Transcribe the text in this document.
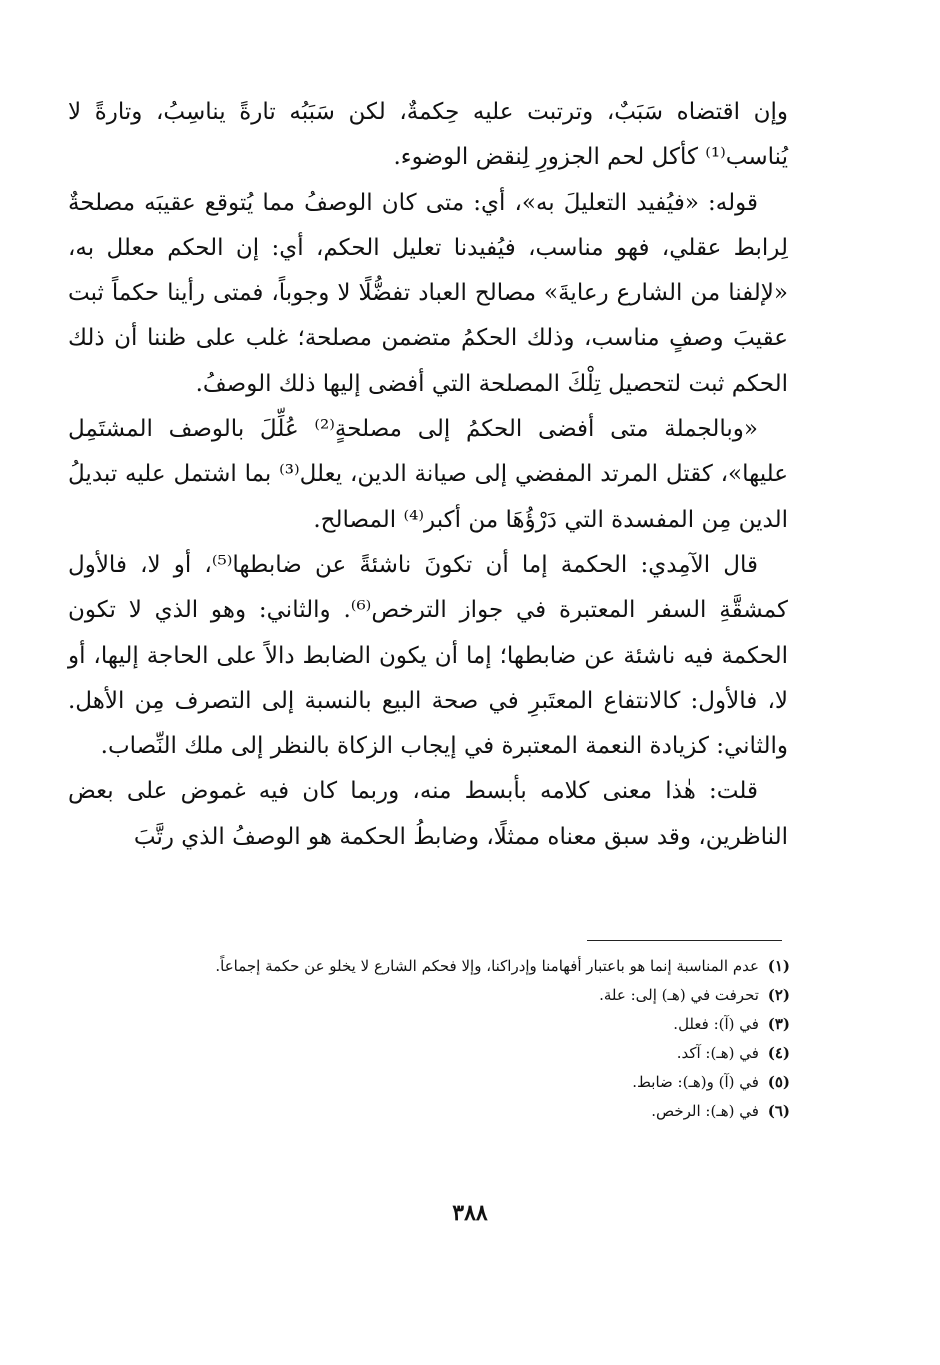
وإن اقتضاه سَبَبٌ، وترتبت عليه حِكمةٌ، لكن سَبَبُه تارةً يناسِبُ، وتارةً لا يُناسب⁽¹⁾ كأكل لحم الجزورِ لِنقض الوضوء.

قوله: «فيُفيد التعليلَ به»، أي: متى كان الوصفُ مما يُتوقع عقيبَه مصلحةٌ لِرابط عقلي، فهو مناسب، فيُفيدنا تعليل الحكم، أي: إن الحكم معلل به، «لإلفنا من الشارع رعايةَ» مصالح العباد تفضُّلًا لا وجوباً، فمتى رأينا حكماً ثبت عقيبَ وصفٍ مناسب، وذلك الحكمُ متضمن مصلحة؛ غلب على ظننا أن ذلك الحكم ثبت لتحصيل تِلْكَ المصلحة التي أفضى إليها ذلك الوصفُ.

«وبالجملة متى أفضى الحكمُ إلى مصلحةٍ⁽²⁾ عُلِّلَ بالوصف المشتَمِل عليها»، كقتل المرتد المفضي إلى صيانة الدين، يعلل⁽³⁾ بما اشتمل عليه تبديلُ الدين مِن المفسدة التي دَرْؤُهَا من أكبر⁽⁴⁾ المصالح.

قال الآمِدي: الحكمة إما أن تكونَ ناشئةً عن ضابطها⁽⁵⁾، أو لا، فالأول كمشقَّةِ السفر المعتبرة في جواز الترخص⁽⁶⁾. والثاني: وهو الذي لا تكون الحكمة فيه ناشئة عن ضابطها؛ إما أن يكون الضابط دالاً على الحاجة إليها، أو لا، فالأول: كالانتفاع المعتَبرِ في صحة البيع بالنسبة إلى التصرف مِن الأهل. والثاني: كزيادة النعمة المعتبرة في إيجاب الزكاة بالنظر إلى ملك النِّصاب.

قلت: هٰذا معنى كلامه بأبسط منه، وربما كان فيه غموض على بعض الناظرين، وقد سبق معناه ممثلًا، وضابطُ الحكمة هو الوصفُ الذي رتَّبَ

(١) عدم المناسبة إنما هو باعتبار أفهامنا وإدراكنا، وإلا فحكم الشارع لا يخلو عن حكمة إجماعاً.

(٢) تحرفت في (هـ) إلى: علة.

(٣) في (آ): فعلل.

(٤) في (هـ): آكد.

(٥) في (آ) و(هـ): ضابط.

(٦) في (هـ): الرخص.

٣٨٨
